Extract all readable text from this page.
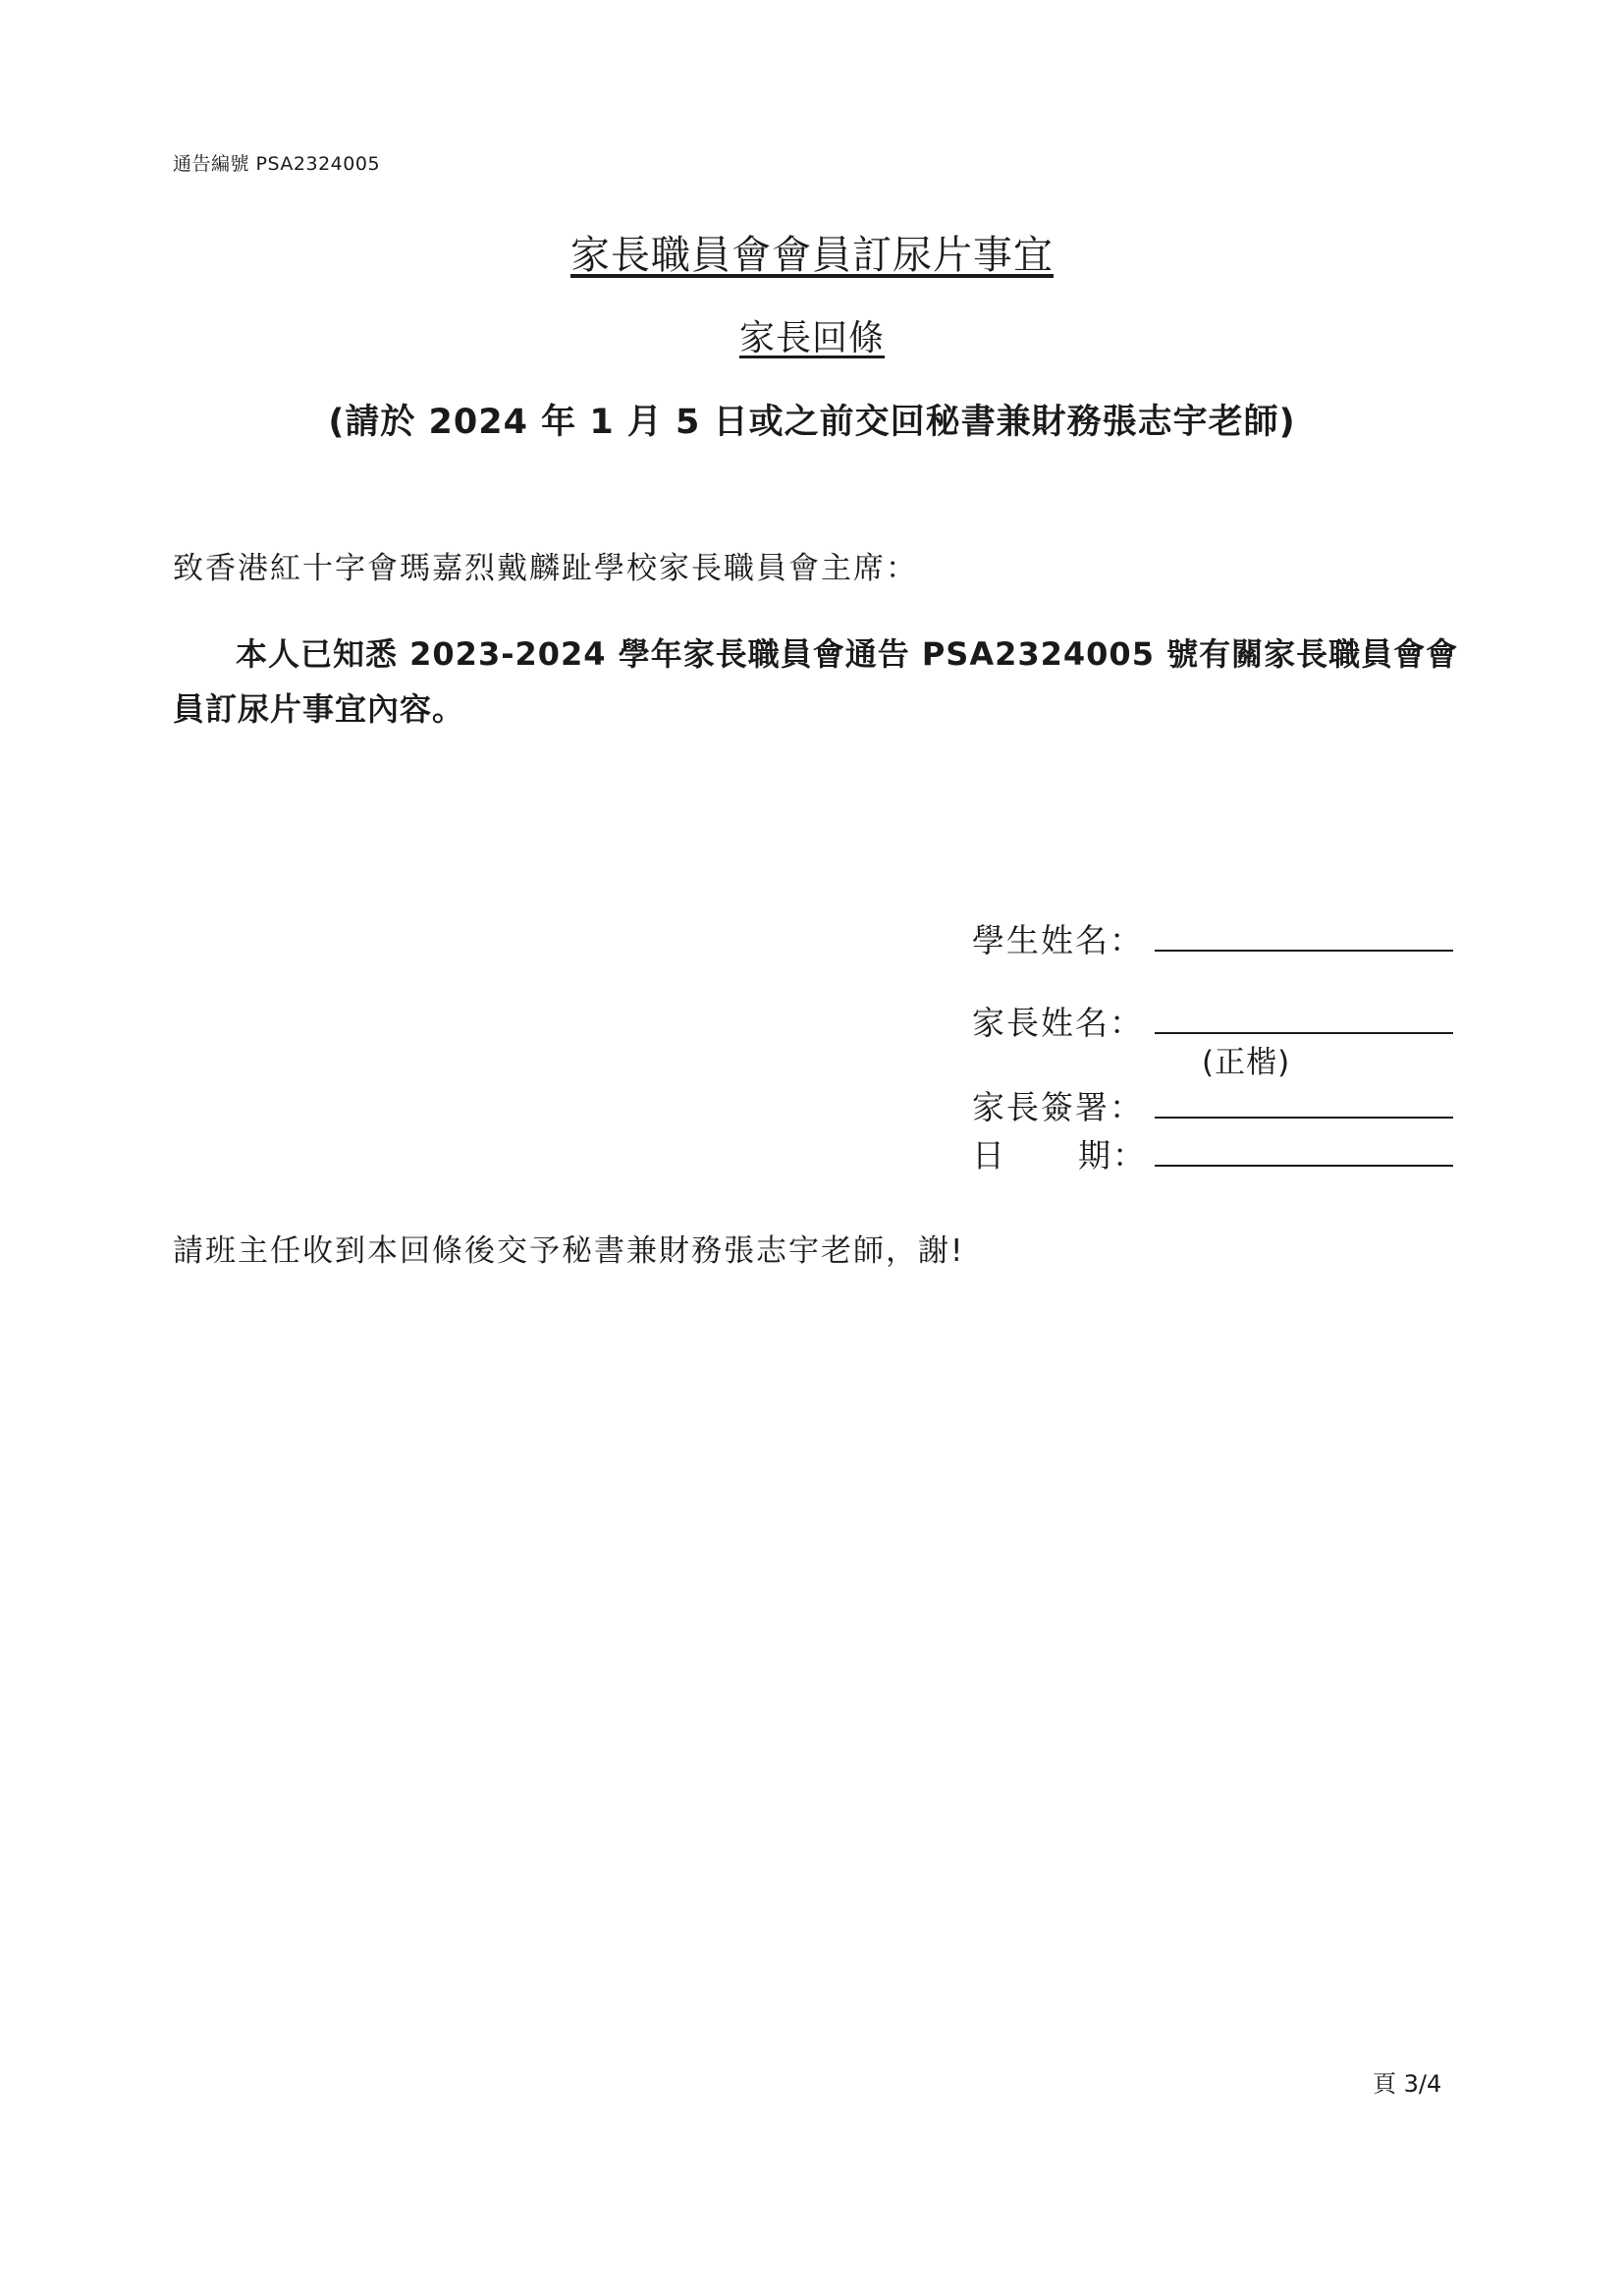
通告編號 PSA2324005
家長職員會會員訂尿片事宜
家長回條
(請於 2024 年 1 月 5 日或之前交回秘書兼財務張志宇老師)
致香港紅十字會瑪嘉烈戴麟趾學校家長職員會主席：
本人已知悉 2023-2024 學年家長職員會通告 PSA2324005 號有關家長職員會會員訂尿片事宜內容。
學生姓名：
家長姓名：
(正楷)
家長簽署：
日 期：
請班主任收到本回條後交予秘書兼財務張志宇老師，謝!
頁 3/4
